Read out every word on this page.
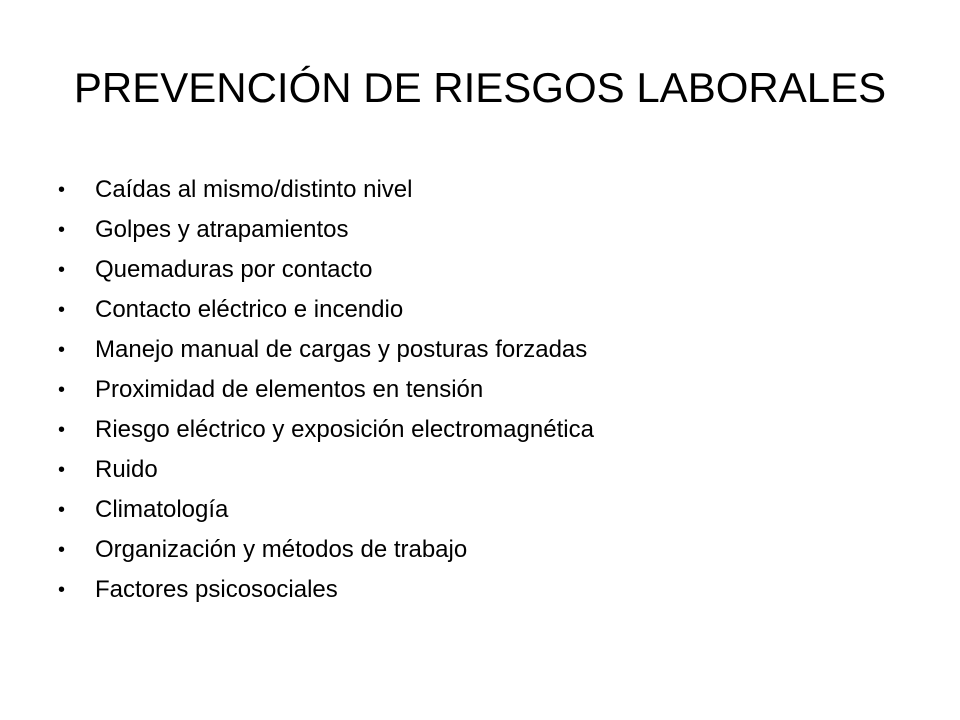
PREVENCIÓN DE RIESGOS LABORALES
• Caídas al mismo/distinto nivel
• Golpes y atrapamientos
• Quemaduras por contacto
• Contacto eléctrico e incendio
• Manejo manual de cargas y posturas forzadas
• Proximidad de elementos en tensión
• Riesgo eléctrico y exposición electromagnética
• Ruido
• Climatología
• Organización y métodos de trabajo
• Factores psicosociales
